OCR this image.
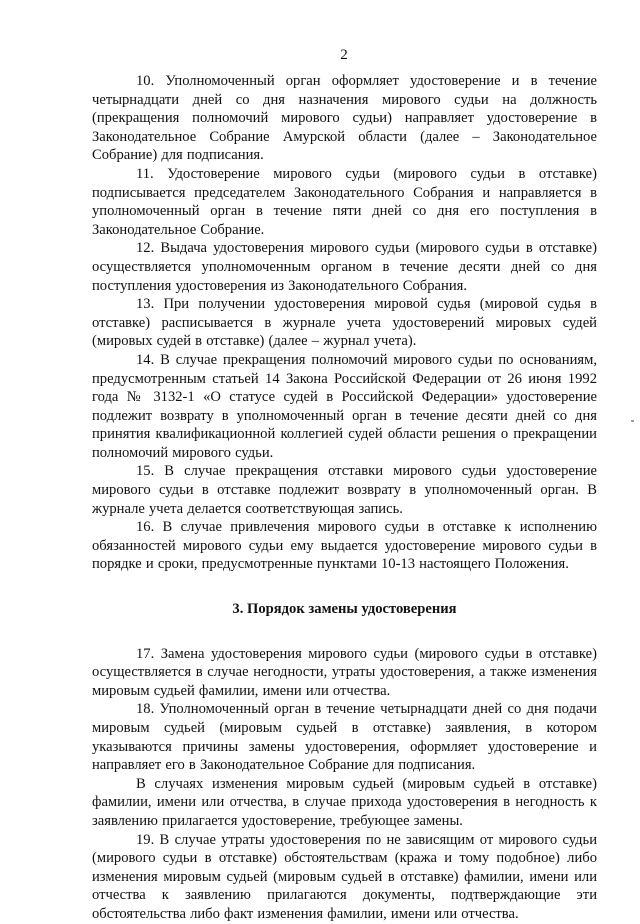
2

10. Уполномоченный орган оформляет удостоверение и в течение четырнадцати дней со дня назначения мирового судьи на должность (прекращения полномочий мирового судьи) направляет удостоверение в Законодательное Собрание Амурской области (далее – Законодательное Собрание) для подписания.

11. Удостоверение мирового судьи (мирового судьи в отставке) подписывается председателем Законодательного Собрания и направляется в уполномоченный орган в течение пяти дней со дня его поступления в Законодательное Собрание.

12. Выдача удостоверения мирового судьи (мирового судьи в отставке) осуществляется уполномоченным органом в течение десяти дней со дня поступления удостоверения из Законодательного Собрания.

13. При получении удостоверения мировой судья (мировой судья в отставке) расписывается в журнале учета удостоверений мировых судей (мировых судей в отставке) (далее – журнал учета).

14. В случае прекращения полномочий мирового судьи по основаниям, предусмотренным статьей 14 Закона Российской Федерации от 26 июня 1992 года № 3132-1 «О статусе судей в Российской Федерации» удостоверение подлежит возврату в уполномоченный орган в течение десяти дней со дня принятия квалификационной коллегией судей области решения о прекращении полномочий мирового судьи.

15. В случае прекращения отставки мирового судьи удостоверение мирового судьи в отставке подлежит возврату в уполномоченный орган. В журнале учета делается соответствующая запись.

16. В случае привлечения мирового судьи в отставке к исполнению обязанностей мирового судьи ему выдается удостоверение мирового судьи в порядке и сроки, предусмотренные пунктами 10-13 настоящего Положения.

3. Порядок замены удостоверения

17. Замена удостоверения мирового судьи (мирового судьи в отставке) осуществляется в случае негодности, утраты удостоверения, а также изменения мировым судьей фамилии, имени или отчества.

18. Уполномоченный орган в течение четырнадцати дней со дня подачи мировым судьей (мировым судьей в отставке) заявления, в котором указываются причины замены удостоверения, оформляет удостоверение и направляет его в Законодательное Собрание для подписания.

В случаях изменения мировым судьей (мировым судьей в отставке) фамилии, имени или отчества, в случае прихода удостоверения в негодность к заявлению прилагается удостоверение, требующее замены.

19. В случае утраты удостоверения по не зависящим от мирового судьи (мирового судьи в отставке) обстоятельствам (кража и тому подобное) либо изменения мировым судьей (мировым судьей в отставке) фамилии, имени или отчества к заявлению прилагаются документы, подтверждающие эти обстоятельства либо факт изменения фамилии, имени или отчества.
